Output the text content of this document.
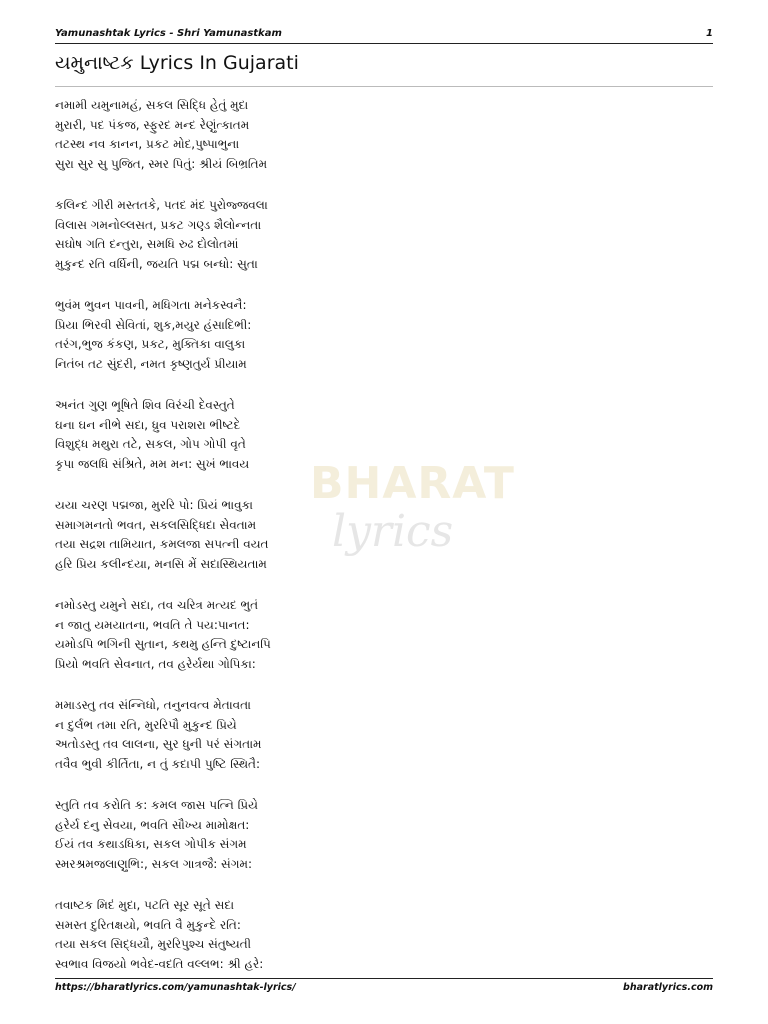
Yamunashtak Lyrics - Shri Yamunastkam	1
યમુનાષ્ટક Lyrics In Gujarati
BHARAT
lyrics
નમામી યમુનામહં, સકલ સિદ્ધિ હેતું મુદા
મુરારી, પદ પંકજ, સ્ફુરદ મન્દ રેણુંત્કાતમ
તટસ્થ નવ કાનન, પ્રકટ મોદ,પુષ્પાભુના
સુરા સુર સુ પુજિત, સ્મર પિતું: શ્રીયં બિભ્રતિમ
કલિન્દ ગીરી મસ્તતકે, પતદ મંદ પુરોજ્જવલા
વિલાસ ગમનોલ્લસત, પ્રકટ ગણ્ડ શૈલોન્નતા
સઘોષ ગતિ દન્તુરા, સમધિ રુઢ દોલોતમાં
મુકુન્દ રતિ વર્ધિની, જયતિ પદ્મ બન્ધો: સુતા
ભુવંમ ભુવન પાવની, મધિગતા મનેકસ્વનૈ:
પ્રિયા ભિરવી સેવિતાં, શુક,મયુર હંસાદિભી:
તરંગ,ભુજ કંકણ, પ્રકટ, મુક્તિકા વાલુકા
નિતંબ તટ સુંદરી, નમત કૃષ્ણતુર્ય પ્રીયામ
અનંત ગુણ ભૂષિતે શિવ વિરંચી દેવસ્તુતે
ઘના ઘન નીભે સદા, ધ્રુવ પરાશરા ભીષ્ટદે
વિશુદ્ધ મથુરા તટે, સકલ, ગોપ ગોપી વૃતે
કૃપા જલધિ સંશ્રિતે, મમ મન: સુખં ભાવય
યયા ચરણ પદ્મજા, મુરરિ પો: પ્રિયં ભાવુકા
સમાગમનતો ભવત, સકલસિદ્ધિદા સેવતામ
તયા સદ્રશ તામિયાત, કમલજા સપત્ની વયત
હરિ પ્રિય કલીન્દયા, મનસિ મેં સદાસ્થિયતામ
નમોડસ્તુ યમુને સદા, તવ ચરિત્ર મત્યદ ભુતં
ન જાતુ યમયાતના, ભવતિ તે પય:પાનત:
યમોડપિ ભગિની સુતાન, કથમુ હન્તિ દુષ્ટાનપિ
પ્રિયો ભવતિ સેવનાત, તવ હરેર્યથા ગોપિકા:
મમાડસ્તુ તવ સંન્નિધો, તનુનવત્વ મેતાવતા
ન દુર્લભ તમા રતિ, મુરરિપૌ મુકુન્દ પ્રિયે
અતોડસ્તુ તવ લાલના, સુર ધુની પરં સંગતામ
તવૈવ ભુવી કીર્તિતા, ન તું કદાપી પુષ્ટિ સ્થિતૈ:
સ્તુતિ તવ કરોતિ ક: કમલ જાસ પત્નિ પ્રિયે
હરેર્ય દનુ સેવયા, ભવતિ સૌખ્ય મામોક્ષત:
ઈયં તવ કથાડધિકા, સકલ ગોપીક સંગમ
સ્મરશ્રમજલાણુભિ:, સકલ ગાત્રજૈ: સંગમ:
તવાષ્ટક મિદં મુદા, પટતિ સૂર સૂતે સદા
સમસ્ત દુરિતક્ષયો, ભવતિ વૈ મુકુન્દે રતિ:
તયા સકલ સિદ્ધયૌ, મુરરિપુશ્ચ સંતુષ્યતી
સ્વભાવ વિજયો ભવેદ-વદતિ વલ્લભ: શ્રી હરે:
https://bharatlyrics.com/yamunashtak-lyrics/	bharatlyrics.com
